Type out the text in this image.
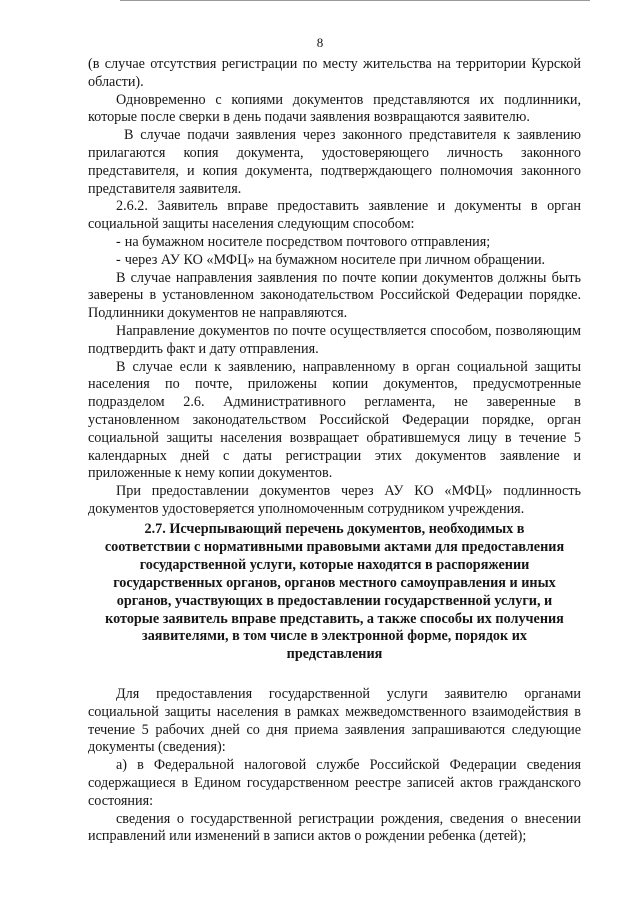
8

(в случае отсутствия регистрации по месту жительства на территории Курской области).

Одновременно с копиями документов представляются их подлинники, которые после сверки в день подачи заявления возвращаются заявителю.

В случае подачи заявления через законного представителя к заявлению прилагаются копия документа, удостоверяющего личность законного представителя, и копия документа, подтверждающего полномочия законного представителя заявителя.

2.6.2. Заявитель вправе предоставить заявление и документы в орган социальной защиты населения следующим способом:

- на бумажном носителе посредством почтового отправления;

- через АУ КО «МФЦ» на бумажном носителе при личном обращении.

В случае направления заявления по почте копии документов должны быть заверены в установленном законодательством Российской Федерации порядке. Подлинники документов не направляются.

Направление документов по почте осуществляется способом, позволяющим подтвердить факт и дату отправления.

В случае если к заявлению, направленному в орган социальной защиты населения по почте, приложены копии документов, предусмотренные подразделом 2.6. Административного регламента, не заверенные в установленном законодательством Российской Федерации порядке, орган социальной защиты населения возвращает обратившемуся лицу в течение 5 календарных дней с даты регистрации этих документов заявление и приложенные к нему копии документов.

При предоставлении документов через АУ КО «МФЦ» подлинность документов удостоверяется уполномоченным сотрудником учреждения.

2.7. Исчерпывающий перечень документов, необходимых в
соответствии с нормативными правовыми актами для предоставления
государственной услуги, которые находятся в распоряжении
государственных органов, органов местного самоуправления и иных
органов, участвующих в предоставлении государственной услуги, и
которые заявитель вправе представить, а также способы их получения
заявителями, в том числе в электронной форме, порядок их
представления

Для предоставления государственной услуги заявителю органами социальной защиты населения в рамках межведомственного взаимодействия в течение 5 рабочих дней со дня приема заявления запрашиваются следующие документы (сведения):

а) в Федеральной налоговой службе Российской Федерации сведения содержащиеся в Едином государственном реестре записей актов гражданского состояния:

сведения о государственной регистрации рождения, сведения о внесении исправлений или изменений в записи актов о рождении ребенка (детей);
